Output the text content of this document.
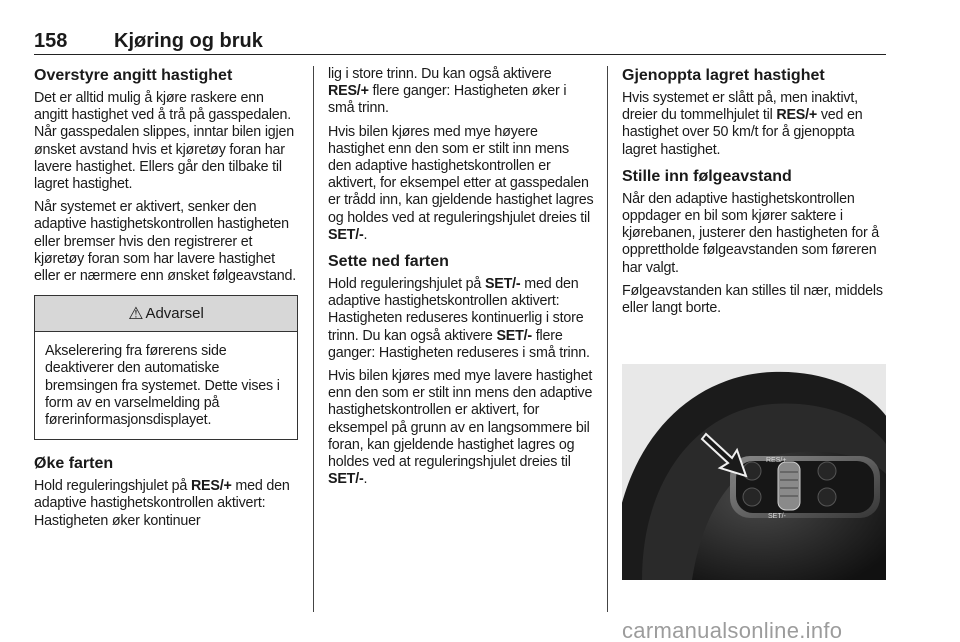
158 Kjøring og bruk
Overstyre angitt hastighet

Det er alltid mulig å kjøre raskere enn angitt hastighet ved å trå på gasspedalen. Når gasspedalen slippes, inntar bilen igjen ønsket avstand hvis et kjøretøy foran har lavere hastighet. Ellers går den tilbake til lagret hastighet.

Når systemet er aktivert, senker den adaptive hastighetskontrollen hastigheten eller bremser hvis den registrerer et kjøretøy foran som har lavere hastighet eller er nærmere enn ønsket følgeavstand.

⚠ Advarsel

Akselerering fra førerens side deaktiverer den automatiske bremsingen fra systemet. Dette vises i form av en varselmelding på førerinformasjonsdisplayet.

Øke farten

Hold reguleringshjulet på RES/+ med den adaptive hastighetskontrollen aktivert: Hastigheten øker kontinuer

lig i store trinn. Du kan også aktivere RES/+ flere ganger: Hastigheten øker i små trinn.

Hvis bilen kjøres med mye høyere hastighet enn den som er stilt inn mens den adaptive hastighetskontrollen er aktivert, for eksempel etter at gasspedalen er trådd inn, kan gjeldende hastighet lagres og holdes ved at reguleringshjulet dreies til SET/-.

Sette ned farten

Hold reguleringshjulet på SET/- med den adaptive hastighetskontrollen aktivert: Hastigheten reduseres kontinuerlig i store trinn. Du kan også aktivere SET/- flere ganger: Hastigheten reduseres i små trinn.

Hvis bilen kjøres med mye lavere hastighet enn den som er stilt inn mens den adaptive hastighetskontrollen er aktivert, for eksempel på grunn av en langsommere bil foran, kan gjeldende hastighet lagres og holdes ved at reguleringshjulet dreies til SET/-.

Gjenoppta lagret hastighet

Hvis systemet er slått på, men inaktivt, dreier du tommelhjulet til RES/+ ved en hastighet over 50 km/t for å gjenoppta lagret hastighet.

Stille inn følgeavstand

Når den adaptive hastighetskontrollen oppdager en bil som kjører saktere i kjørebanen, justerer den hastigheten for å opprettholde følgeavstanden som føreren har valgt.

Følgeavstanden kan stilles til nær, middels eller langt borte.

RES/+
SET/-
carmanualsonline.info
